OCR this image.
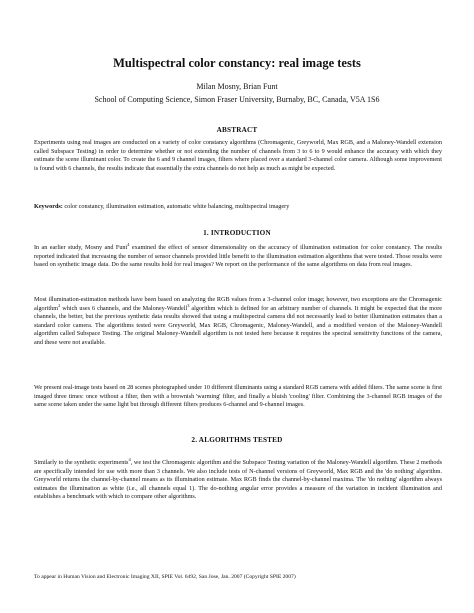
Multispectral color constancy: real image tests
Milan Mosny, Brian Funt
School of Computing Science, Simon Fraser University, Burnaby, BC, Canada, V5A 1S6
ABSTRACT

Experiments using real images are conducted on a variety of color constancy algorithms (Chromagenic, Greyworld, Max RGB, and a Maloney-Wandell extension called Subspace Testing) in order to determine whether or not extending the number of channels from 3 to 6 to 9 would enhance the accuracy with which they estimate the scene illuminant color. To create the 6 and 9 channel images, filters where placed over a standard 3-channel color camera. Although some improvement is found with 6 channels, the results indicate that essentially the extra channels do not help as much as might be expected.

Keywords: color constancy, illumination estimation, automatic white balancing, multispectral imagery

1. INTRODUCTION

In an earlier study, Mosny and Funt$^4$ examined the effect of sensor dimensionality on the accuracy of illumination estimation for color constancy. The results reported indicated that increasing the number of sensor channels provided little benefit to the illumination estimation algorithms that were tested. Those results were based on synthetic image data. Do the same results hold for real images? We report on the performance of the same algorithms on data from real images.

Most illumination-estimation methods have been based on analyzing the RGB values from a 3-channel color image; however, two exceptions are the Chromagenic algorithm$^2$ which uses 6 channels, and the Maloney-Wandell$^3$ algorithm which is defined for an arbitrary number of channels. It might be expected that the more channels, the better, but the previous synthetic data results showed that using a multispectral camera did not necessarily lead to better illumination estimates than a standard color camera. The algorithms tested were Greyworld, Max RGB, Chromagenic, Maloney-Wandell, and a modified version of the Maloney-Wandell algorithm called Subspace Testing. The original Maloney-Wandell algorithm is not tested here because it requires the spectral sensitivity functions of the camera, and these were not available.

We present real-image tests based on 28 scenes photographed under 10 different illuminants using a standard RGB camera with added filters. The same scene is first imaged three times: once without a filter, then with a brownish 'warming' filter, and finally a bluish 'cooling' filter. Combining the 3-channel RGB images of the same scene taken under the same light but through different filters produces 6-channel and 9-channel images.

2. ALGORITHMS TESTED

Similarly to the synthetic experiments$^4$, we test the Chromagenic algorithm and the Subspace Testing variation of the Maloney-Wandell algorithm. These 2 methods are specifically intended for use with more than 3 channels. We also include tests of N-channel versions of Greyworld, Max RGB and the 'do nothing' algorithm. Greyworld returns the channel-by-channel means as its illumination estimate. Max RGB finds the channel-by-channel maxima. The 'do nothing' algorithm always estimates the illumination as white (i.e., all channels equal 1). The do-nothing angular error provides a measure of the variation in incident illumination and establishes a benchmark with which to compare other algorithms.

To appear in Human Vision and Electronic Imaging XII, SPIE Vol. 6492, San Jose, Jan. 2007 (Copyright SPIE 2007)
